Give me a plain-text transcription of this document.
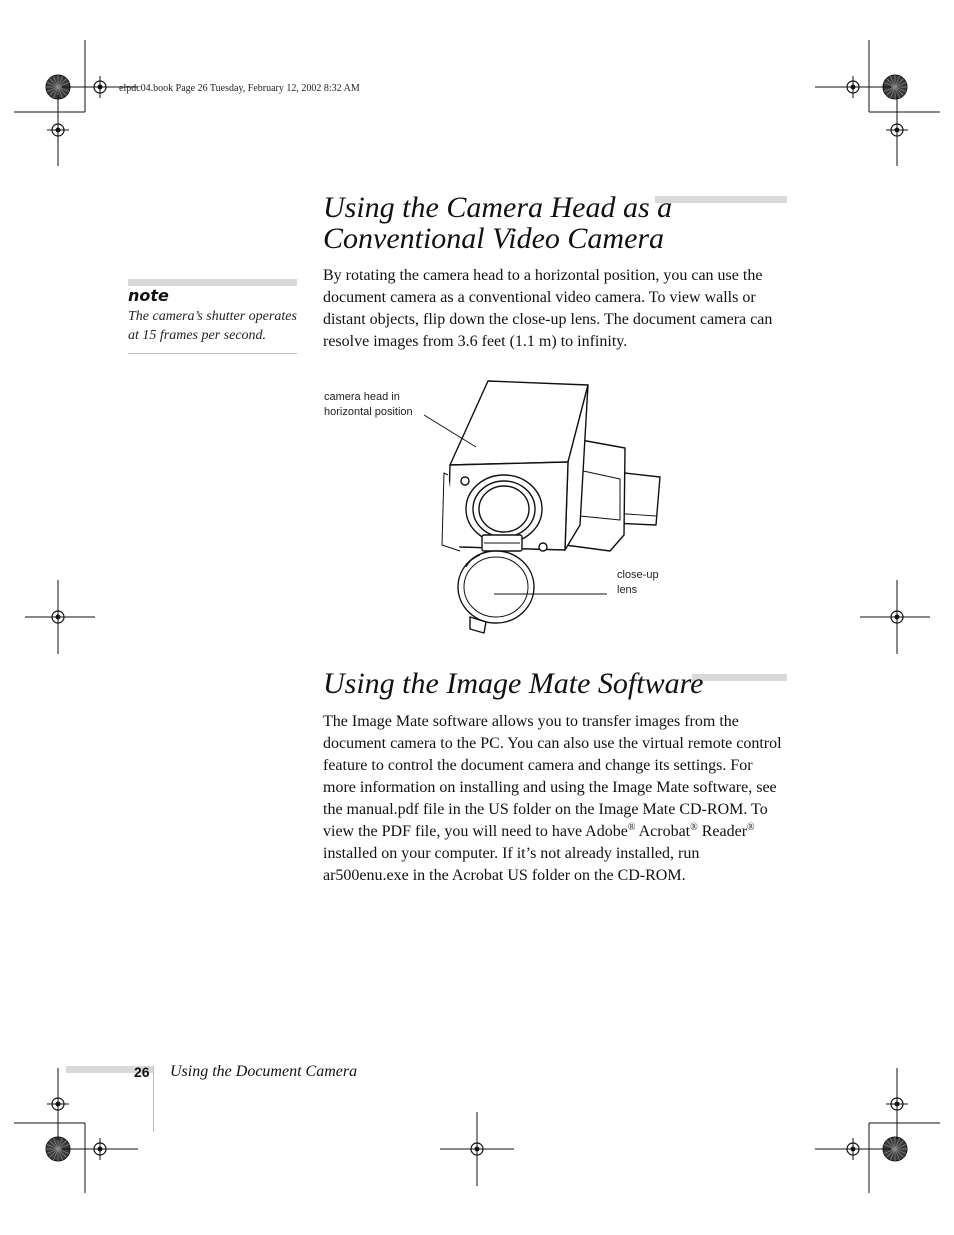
elpdc04.book Page 26 Tuesday, February 12, 2002 8:32 AM
Using the Camera Head as a
Conventional Video Camera
note
The camera’s shutter operates at 15 frames per second.

By rotating the camera head to a horizontal position, you can use the document camera as a conventional video camera. To view walls or distant objects, flip down the close-up lens. The document camera can resolve images from 3.6 feet (1.1 m) to infinity.

camera head in
horizontal position
close-up
lens
Using the Image Mate Software

The Image Mate software allows you to transfer images from the document camera to the PC. You can also use the virtual remote control feature to control the document camera and change its settings. For more information on installing and using the Image Mate software, see the manual.pdf file in the US folder on the Image Mate CD-ROM. To view the PDF file, you will need to have Adobe® Acrobat® Reader® installed on your computer. If it’s not already installed, run ar500enu.exe in the Acrobat US folder on the CD-ROM.

26 Using the Document Camera
